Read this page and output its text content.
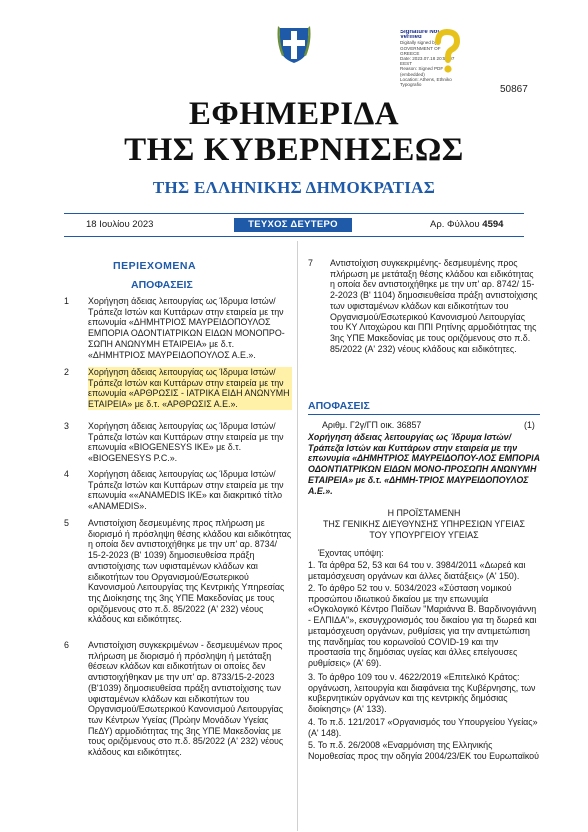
Signature Not
Verified
Digitally signed by
GOVERNMENT OF
GREECE
Date: 2023.07.18 20:55:07
EEST
Reason: Signed PDF
(embedded)
Location: Athens, Ethniko
Typografio	50867
ΕΦΗΜΕΡΙΔΑ
ΤΗΣ ΚΥΒΕΡΝΗΣΕΩΣ
ΤΗΣ ΕΛΛΗΝΙΚΗΣ ΔΗΜΟΚΡΑΤΙΑΣ
18 Ιουλίου 2023	ΤΕΥΧΟΣ ΔΕΥΤΕΡΟ	Αρ. Φύλλου 4594
ΠΕΡΙΕΧΟΜΕΝΑ
ΑΠΟΦΑΣΕΙΣ
1 Χορήγηση άδειας λειτουργίας ως Ίδρυμα Ιστών/ Τράπεζα Ιστών και Κυττάρων στην εταιρεία με την επωνυμία «ΔΗΜΗΤΡΙΟΣ ΜΑΥΡΕΙΔΟΠΟΥΛΟΣ ΕΜΠΟΡΙΑ ΟΔΟΝΤΙΑΤΡΙΚΩΝ ΕΙΔΩΝ ΜΟΝΟΠΡΟ-ΣΩΠΗ ΑΝΩΝΥΜΗ ΕΤΑΙΡΕΙΑ» με δ.τ. «ΔΗΜΗΤΡΙΟΣ ΜΑΥΡΕΙΔΟΠΟΥΛΟΣ Α.Ε.».
2 Χορήγηση άδειας λειτουργίας ως Ίδρυμα Ιστών/ Τράπεζα Ιστών και Κυττάρων στην εταιρεία με την επωνυμία «ΑΡΘΡΩΣΙΣ - ΙΑΤΡΙΚΑ ΕΙΔΗ ΑΝΩΝΥΜΗ ΕΤΑΙΡΕΙΑ» με δ.τ. «ΑΡΘΡΩΣΙΣ Α.Ε.».
3 Χορήγηση άδειας λειτουργίας ως Ίδρυμα Ιστών/ Τράπεζα Ιστών και Κυττάρων στην εταιρεία με την επωνυμία «BIOGENESYS ΙΚΕ» με δ.τ. «BIOGENESYS P.C.».
4 Χορήγηση άδειας λειτουργίας ως Ίδρυμα Ιστών/ Τράπεζα Ιστών και Κυττάρων στην εταιρεία με την επωνυμία ««ANAMEDIS ΙΚΕ» και διακριτικό τίτλο «ANAMEDIS».
5 Αντιστοίχιση δεσμευμένης προς πλήρωση με διορισμό ή πρόσληψη θέσης κλάδου και ειδικότητας η οποία δεν αντιστοιχήθηκε με την υπ' αρ. 8734/ 15-2-2023 (Β' 1039) δημοσιευθείσα πράξη αντιστοίχισης των υφισταμένων κλάδων και ειδικοτήτων του Οργανισμού/Εσωτερικού Κανονισμού Λειτουργίας της Κεντρικής Υπηρεσίας της Διοίκησης της 3ης ΥΠΕ Μακεδονίας με τους οριζόμενους στο π.δ. 85/2022 (Α' 232) νέους κλάδους και ειδικότητες.
6 Αντιστοίχιση συγκεκριμένων - δεσμευμένων προς πλήρωση με διορισμό ή πρόσληψη ή μετάταξη θέσεων κλάδων και ειδικοτήτων οι οποίες δεν αντιστοιχήθηκαν με την υπ' αρ. 8733/15-2-2023 (Β'1039) δημοσιευθείσα πράξη αντιστοίχισης των υφισταμένων κλάδων και ειδικοτήτων του Οργανισμού/Εσωτερικού Κανονισμού Λειτουργίας των Κέντρων Υγείας (Πρώην Μονάδων Υγείας ΠεΔΥ) αρμοδιότητας της 3ης ΥΠΕ Μακεδονίας με τους οριζόμενους στο π.δ. 85/2022 (Α' 232) νέους κλάδους και ειδικότητες.
7 Αντιστοίχιση συγκεκριμένης- δεσμευμένης προς πλήρωση με μετάταξη θέσης κλάδου και ειδικότητας η οποία δεν αντιστοιχήθηκε με την υπ' αρ. 8742/ 15-2-2023 (Β' 1104) δημοσιευθείσα πράξη αντιστοίχισης των υφισταμένων κλάδων και ειδικοτήτων του Οργανισμού/Εσωτερικού Κανονισμού Λειτουργίας του ΚΥ Λιτοχώρου και ΠΠΙ Ρητίνης αρμοδιότητας της 3ης ΥΠΕ Μακεδονίας με τους οριζόμενους στο π.δ. 85/2022 (Α' 232) νέους κλάδους και ειδικότητες.
ΑΠΟΦΑΣΕΙΣ
Αριθμ. Γ2γ/ΓΠ οικ. 36857	(1)
Χορήγηση άδειας λειτουργίας ως Ίδρυμα Ιστών/ Τράπεζα Ιστών και Κυττάρων στην εταιρεία με την επωνυμία «ΔΗΜΗΤΡΙΟΣ ΜΑΥΡΕΙΔΟΠΟΥ-ΛΟΣ ΕΜΠΟΡΙΑ ΟΔΟΝΤΙΑΤΡΙΚΩΝ ΕΙΔΩΝ ΜΟΝΟ-ΠΡΟΣΩΠΗ ΑΝΩΝΥΜΗ ΕΤΑΙΡΕΙΑ» με δ.τ. «ΔΗΜΗ-ΤΡΙΟΣ ΜΑΥΡΕΙΔΟΠΟΥΛΟΣ Α.Ε.».
Η ΠΡΟΪΣΤΑΜΕΝΗ
ΤΗΣ ΓΕΝΙΚΗΣ ΔΙΕΥΘΥΝΣΗΣ ΥΠΗΡΕΣΙΩΝ ΥΓΕΙΑΣ
ΤΟΥ ΥΠΟΥΡΓΕΙΟΥ ΥΓΕΙΑΣ
Έχοντας υπόψη:
1. Τα άρθρα 52, 53 και 64 του ν. 3984/2011 «Δωρεά και μεταμόσχευση οργάνων και άλλες διατάξεις» (Α' 150).
2. Το άρθρο 52 του ν. 5034/2023 «Σύσταση νομικού προσώπου ιδιωτικού δικαίου με την επωνυμία «Ογκολογικό Κέντρο Παίδων "Μαριάννα Β. Βαρδινογιάννη - ΕΛΠΙΔΑ"», εκσυγχρονισμός του δικαίου για τη δωρεά και μεταμόσχευση οργάνων, ρυθμίσεις για την αντιμετώπιση της πανδημίας του κορωνοϊού COVID-19 και την προστασία της δημόσιας υγείας και άλλες επείγουσες ρυθμίσεις» (Α' 69).
3. Το άρθρο 109 του ν. 4622/2019 «Επιτελικό Κράτος: οργάνωση, λειτουργία και διαφάνεια της Κυβέρνησης, των κυβερνητικών οργάνων και της κεντρικής δημόσιας διοίκησης» (Α' 133).
4. Το π.δ. 121/2017 «Οργανισμός του Υπουργείου Υγείας» (Α' 148).
5. Το π.δ. 26/2008 «Εναρμόνιση της Ελληνικής Νομοθεσίας προς την οδηγία 2004/23/ΕΚ του Ευρωπαϊκού
